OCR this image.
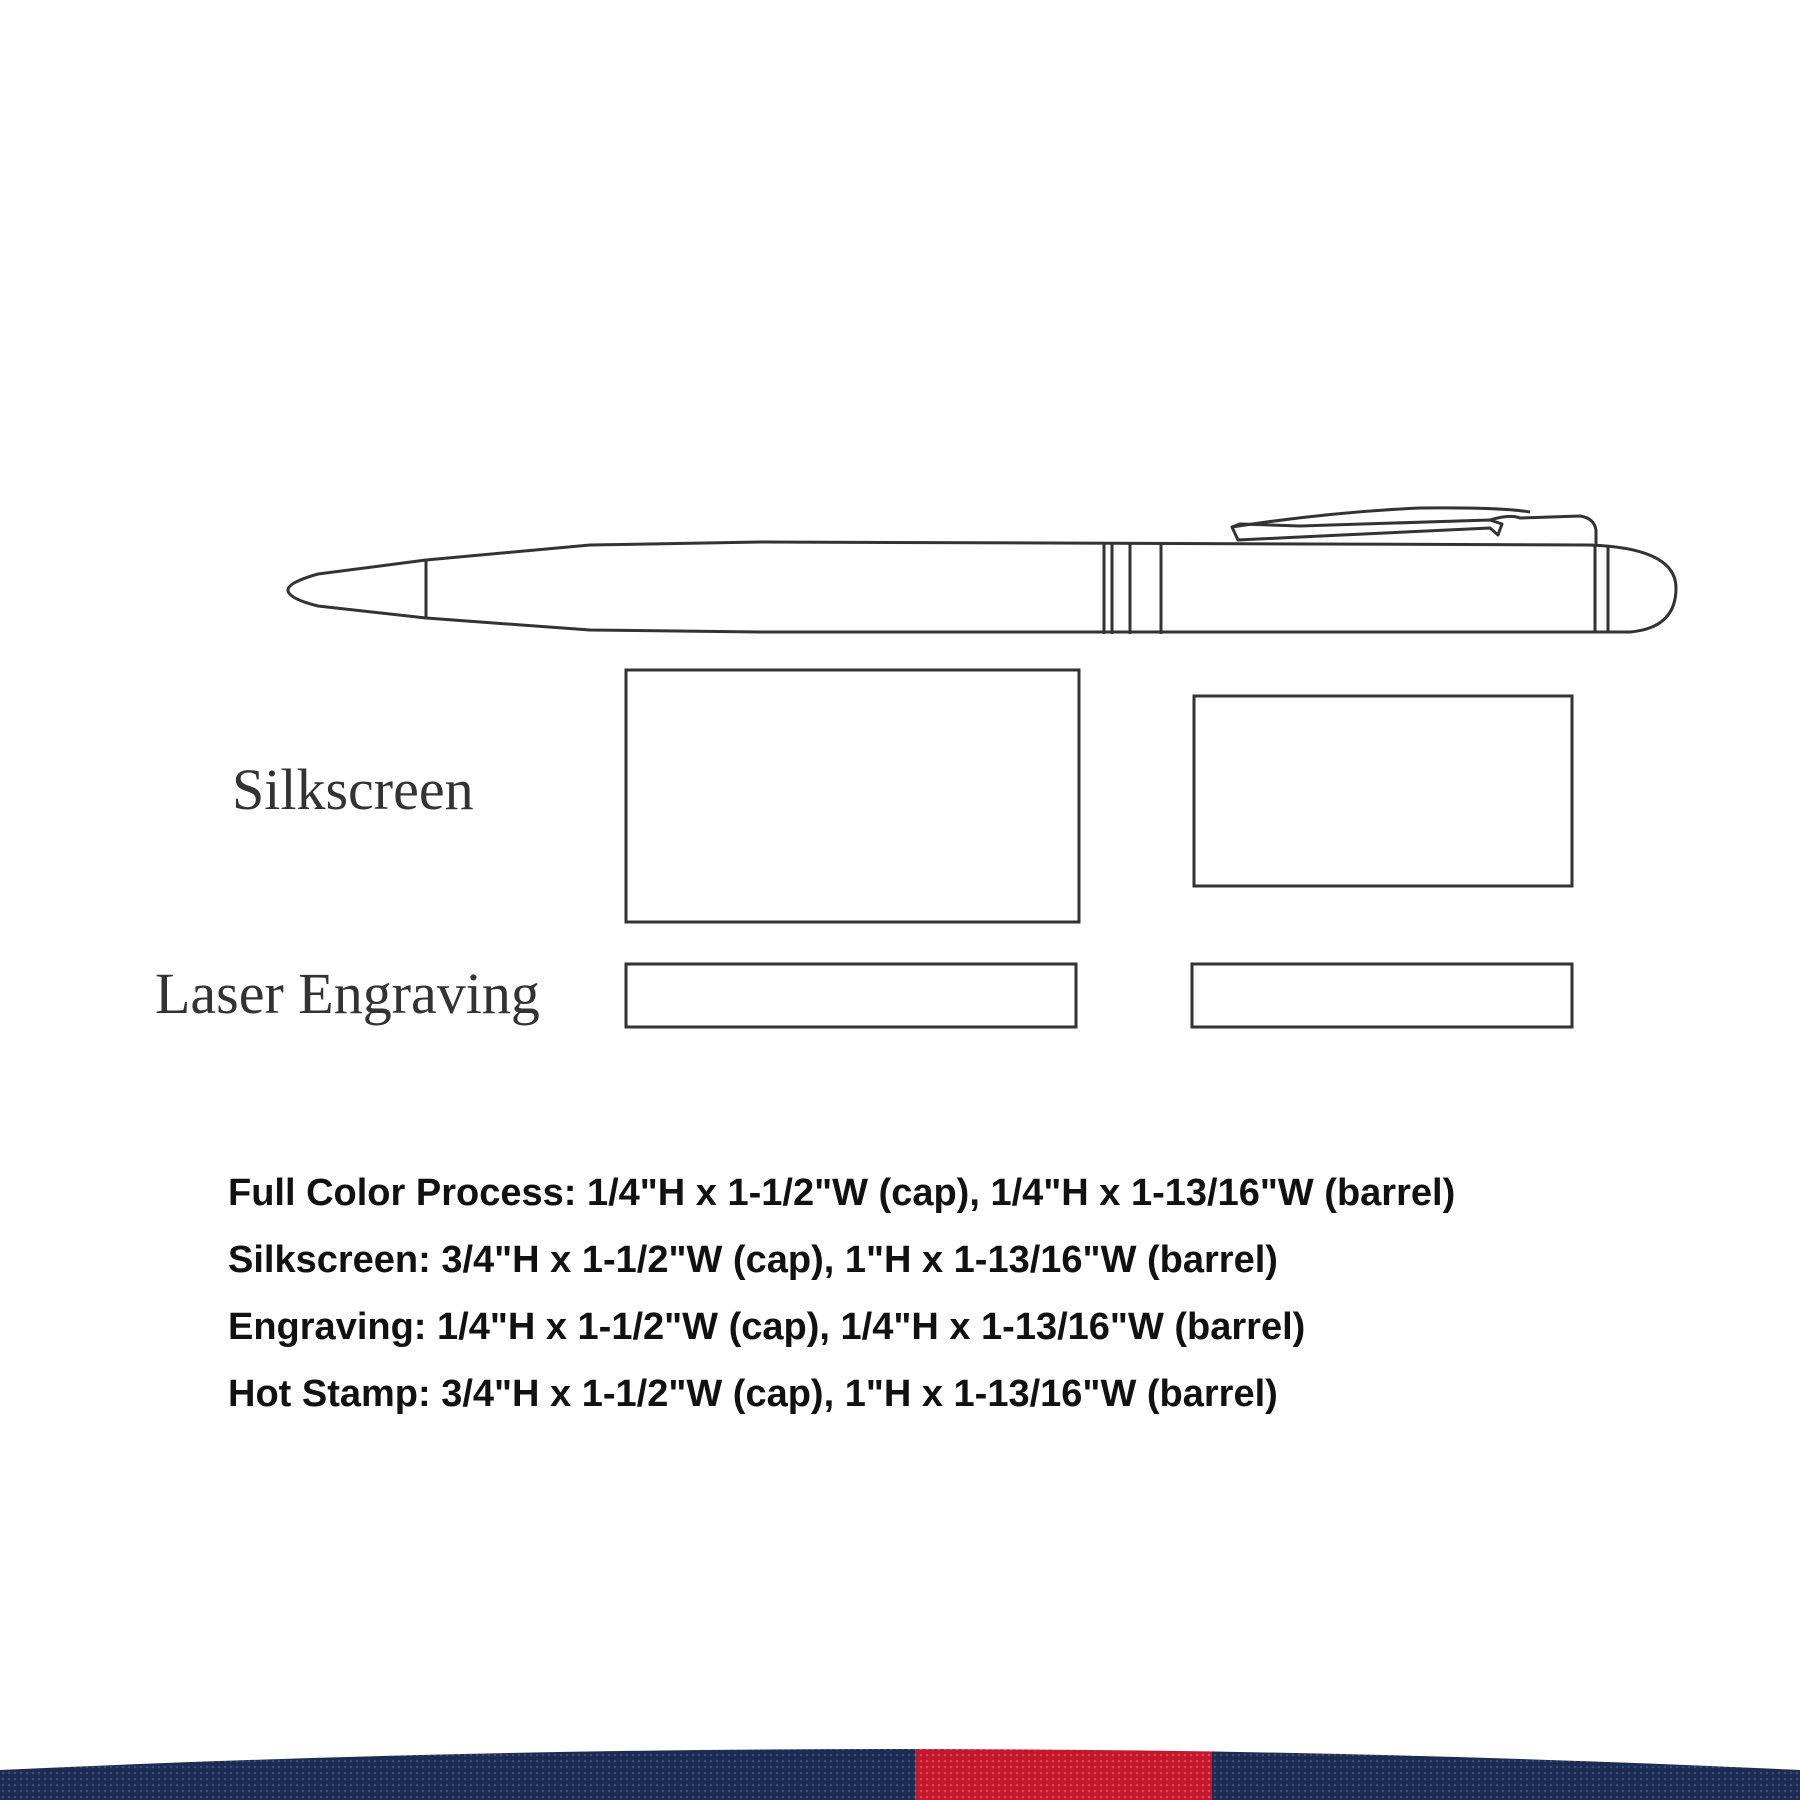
Silkscreen
Laser Engraving
Full Color Process: 1/4"H x 1-1/2"W (cap), 1/4"H x 1-13/16"W (barrel)
Silkscreen: 3/4"H x 1-1/2"W (cap), 1"H x 1-13/16"W (barrel)
Engraving: 1/4"H x 1-1/2"W (cap), 1/4"H x 1-13/16"W (barrel)
Hot Stamp: 3/4"H x 1-1/2"W (cap), 1"H x 1-13/16"W (barrel)
